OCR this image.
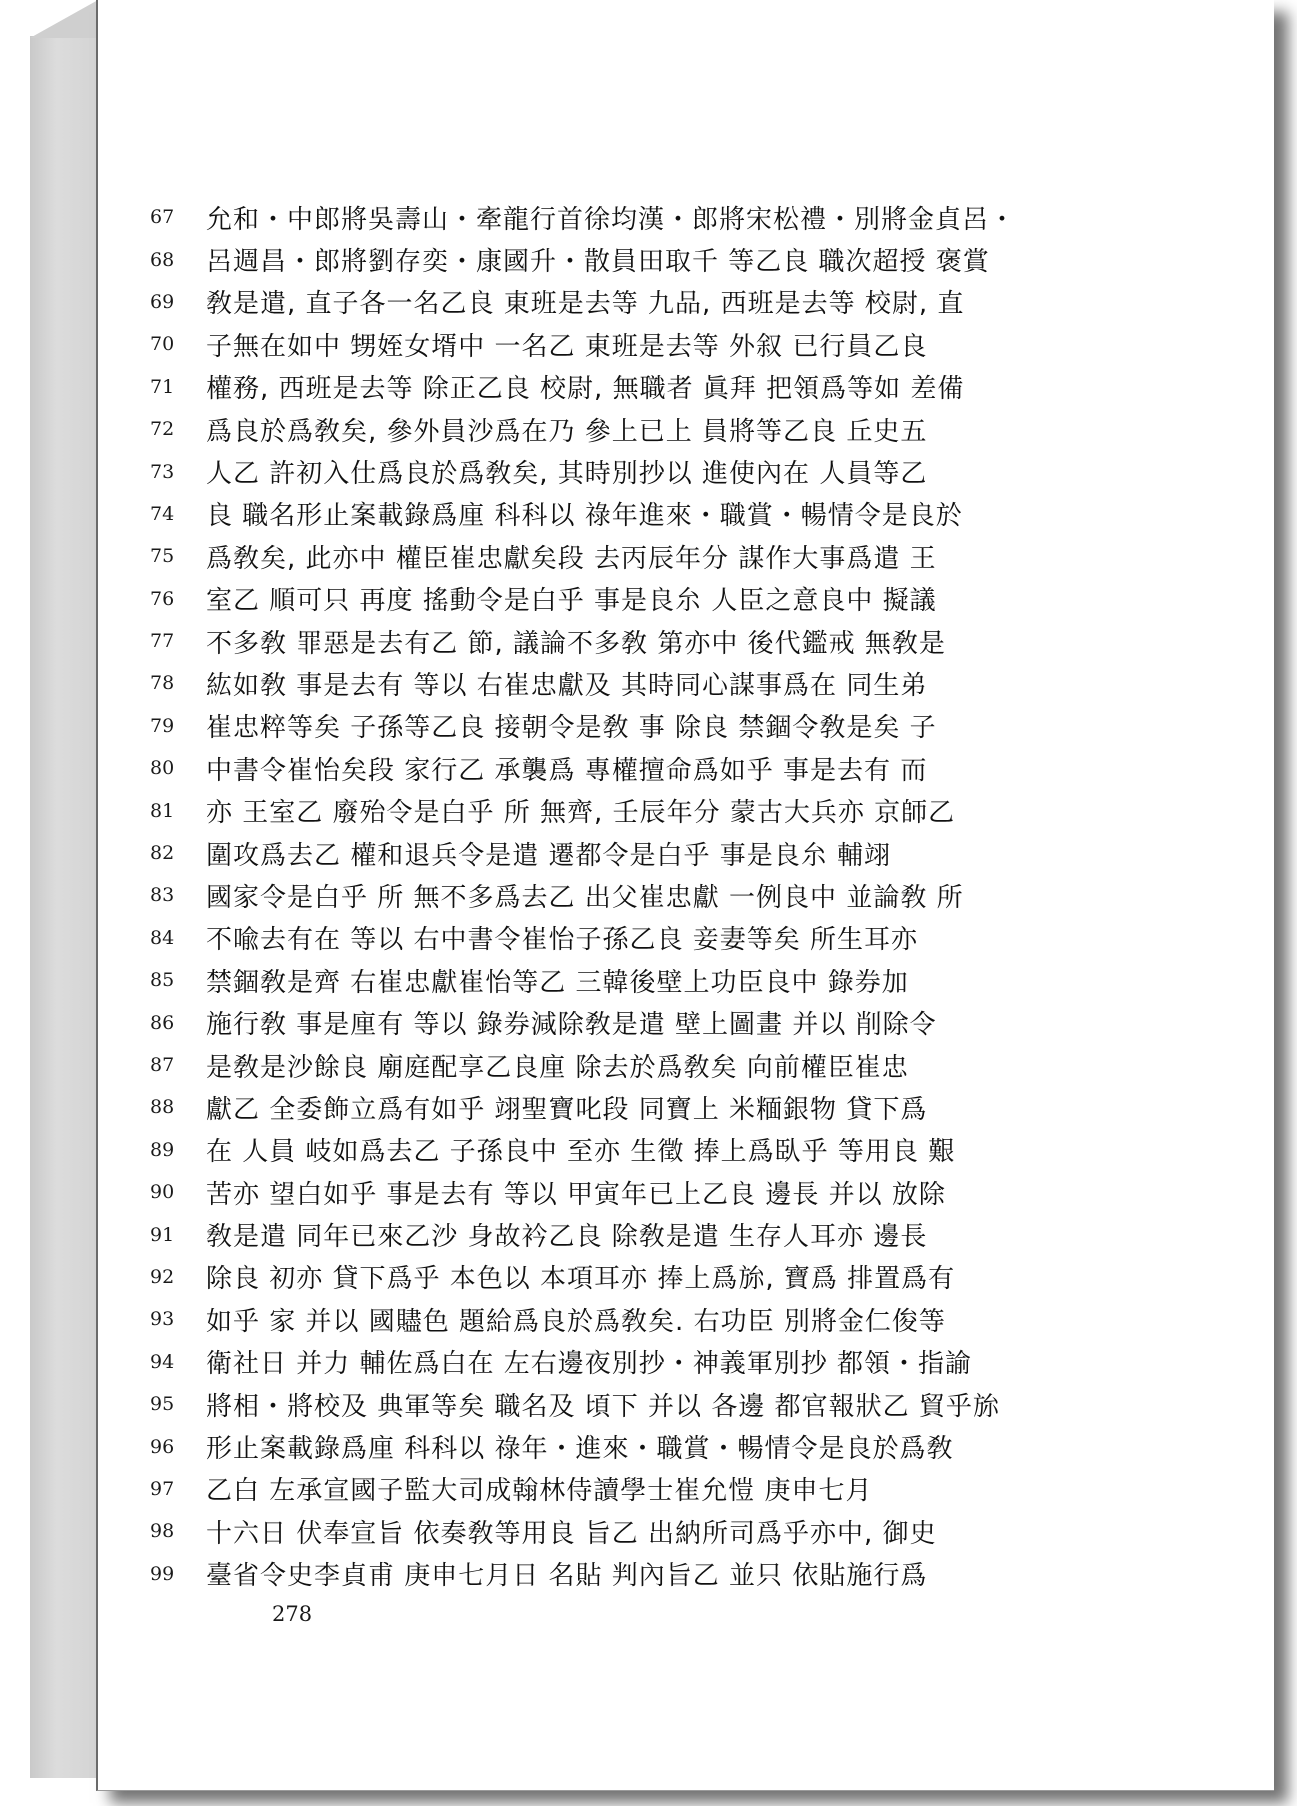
67	允和・中郎將吳壽山・牽龍行首徐均漢・郎將宋松禮・別將金貞呂・
68	呂週昌・郎將劉存奕・康國升・散員田取千 等乙良 職次超授 褒賞
69	敎是遣, 直子各一名乙良 東班是去等 九品, 西班是去等 校尉, 直
70	子無在如中 甥姪女壻中 一名乙 東班是去等 外叙 已行員乙良
71	權務, 西班是去等 除正乙良 校尉, 無職者 眞拜 把領爲等如 差備
72	爲良於爲敎矣, 參外員沙爲在乃 參上已上 員將等乙良 丘史五
73	人乙 許初入仕爲良於爲敎矣, 其時別抄以 進使內在 人員等乙
74	良 職名形止案載錄爲㢆 科科以 祿年進來・職賞・暢情令是良於
75	爲敎矣, 此亦中 權臣崔忠獻矣段 去丙辰年分 謀作大事爲遣 王
76	室乙 順可只 再度 搖動令是白乎 事是良厼 人臣之意良中 擬議
77	不多敎 罪惡是去有乙 節, 議論不多敎 第亦中 後代鑑戒 無敎是
78	紘如敎 事是去有 等以 右崔忠獻及 其時同心謀事爲在 同生弟
79	崔忠粹等矣 子孫等乙良 接朝令是敎 事 除良 禁錮令敎是矣 子
80	中書令崔怡矣段 家行乙 承襲爲 專權擅命爲如乎 事是去有 而
81	亦 王室乙 廢殆令是白乎 所 無齊, 壬辰年分 蒙古大兵亦 京師乙
82	圍攻爲去乙 權和退兵令是遣 遷都令是白乎 事是良厼 輔翊
83	國家令是白乎 所 無不多爲去乙 出父崔忠獻 一例良中 並論敎 所
84	不喩去有在 等以 右中書令崔怡子孫乙良 妾妻等矣 所生耳亦
85	禁錮敎是齊 右崔忠獻崔怡等乙 三韓後壁上功臣良中 錄券加
86	施行敎 事是㢆有 等以 錄券減除敎是遣 壁上圖畫 并以 削除令
87	是敎是沙餘良 廟庭配享乙良㢆 除去於爲敎矣 向前權臣崔忠
88	獻乙 全委飾立爲有如乎 翊聖寶叱段 同寶上 米糆銀物 貸下爲
89	在 人員 岐如爲去乙 子孫良中 至亦 生徵 捧上爲臥乎 等用良 艱
90	苦亦 望白如乎 事是去有 等以 甲寅年已上乙良 邊長 并以 放除
91	敎是遣 同年已來乙沙 身故衿乙良 除敎是遣 生存人耳亦 邊長
92	除良 初亦 貸下爲乎 本色以 本項耳亦 捧上爲旀, 寶爲 排置爲有
93	如乎 家 并以 國贐色 題給爲良於爲敎矣. 右功臣 別將金仁俊等
94	衛社日 并力 輔佐爲白在 左右邊夜別抄・神義軍別抄 都領・指諭
95	將相・將校及 典軍等矣 職名及 頃下 并以 各邊 都官報狀乙 貿乎旀
96	形止案載錄爲㢆 科科以 祿年・進來・職賞・暢情令是良於爲敎
97	乙白 左承宣國子監大司成翰林侍讀學士崔允愷 庚申七月
98	十六日 伏奉宣旨 依奏敎等用良 旨乙 出納所司爲乎亦中, 御史
99	臺省令史李貞甫 庚申七月日 名貼 判內旨乙 並只 依貼施行爲
278
